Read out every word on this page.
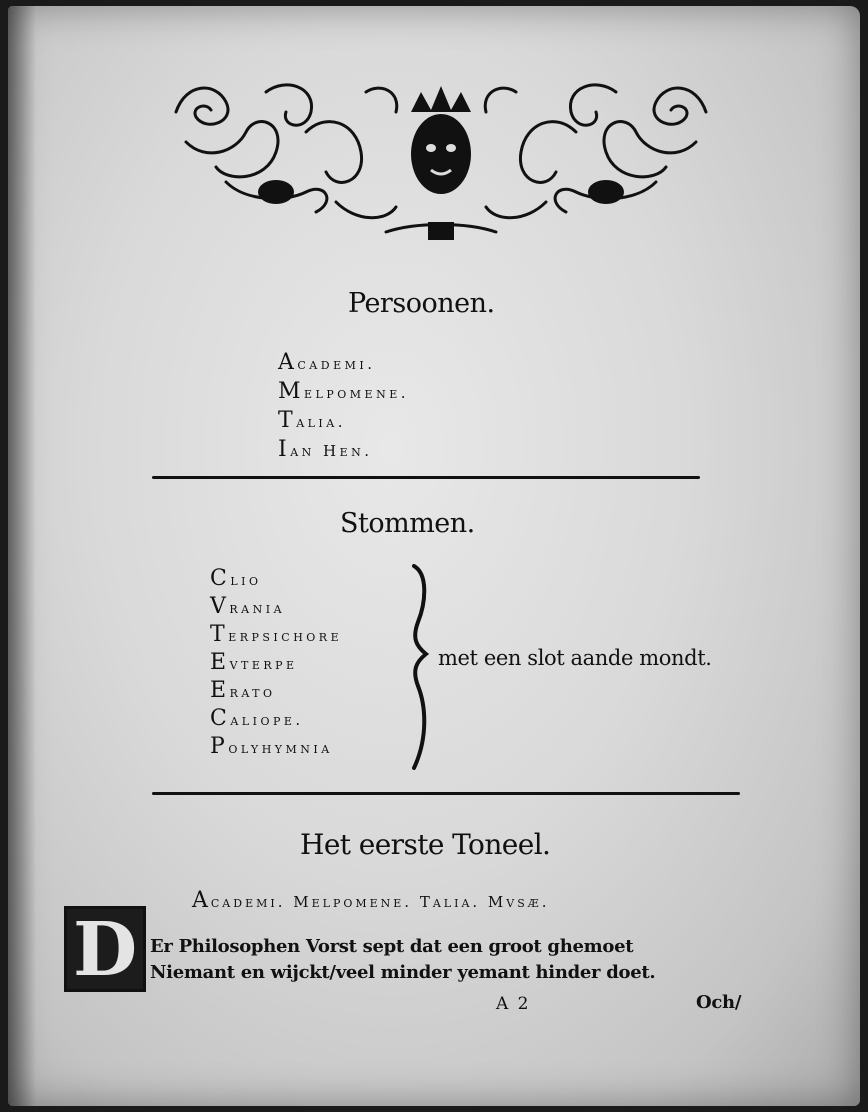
Persoonen.
Academi.
Melpomene.
Talia.
Ian Hen.
Stommen.
Clio
Vrania
Terpsichore
Evterpe
Erato
Caliope.
Polyhymnia
met een slot aande mondt.
Het eerste Toneel.
Academi. Melpomene. Talia. Mvsæ.
D Er Philosophen Vorst sept dat een groot ghemoet
Niemant en wijckt/veel minder yemant hinder doet.
A 2	Och/
